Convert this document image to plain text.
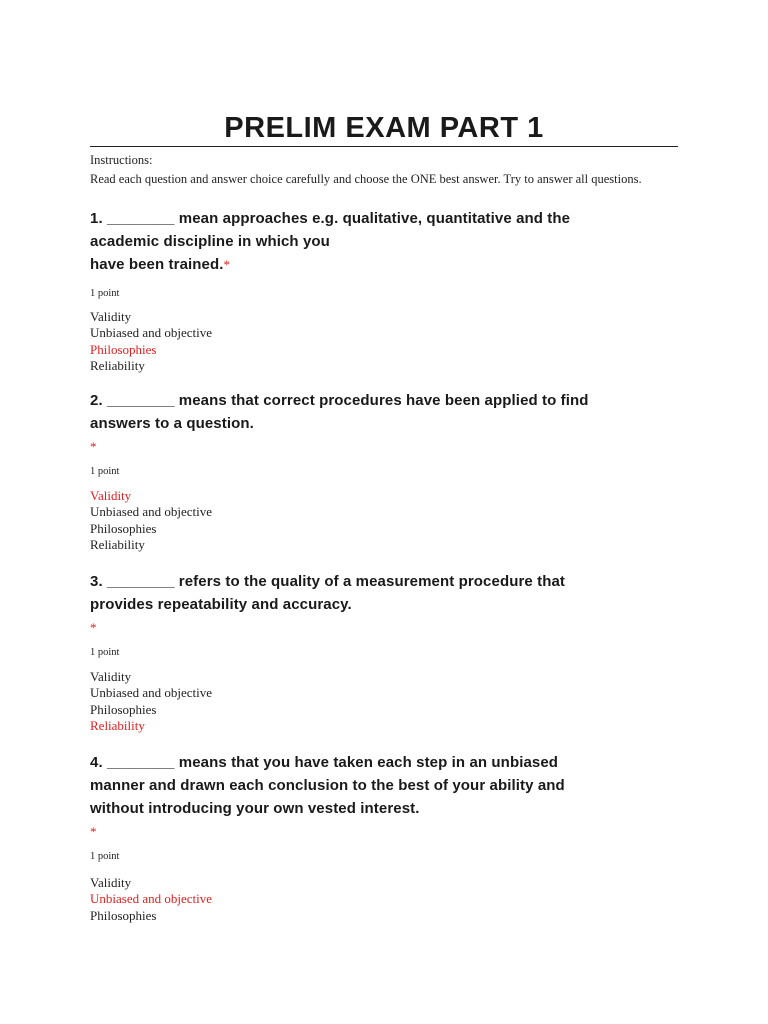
PRELIM EXAM PART 1
Instructions:
Read each question and answer choice carefully and choose the ONE best answer. Try to answer all questions.
1. ________ mean approaches e.g. qualitative, quantitative and the
academic discipline in which you
have been trained.*
1 point
Validity
Unbiased and objective
Philosophies
Reliability
2. ________ means that correct procedures have been applied to find
answers to a question.
*
1 point
Validity
Unbiased and objective
Philosophies
Reliability
3. ________ refers to the quality of a measurement procedure that
provides repeatability and accuracy.
*
1 point
Validity
Unbiased and objective
Philosophies
Reliability
4. ________ means that you have taken each step in an unbiased
manner and drawn each conclusion to the best of your ability and
without introducing your own vested interest.
*
1 point
Validity
Unbiased and objective
Philosophies
